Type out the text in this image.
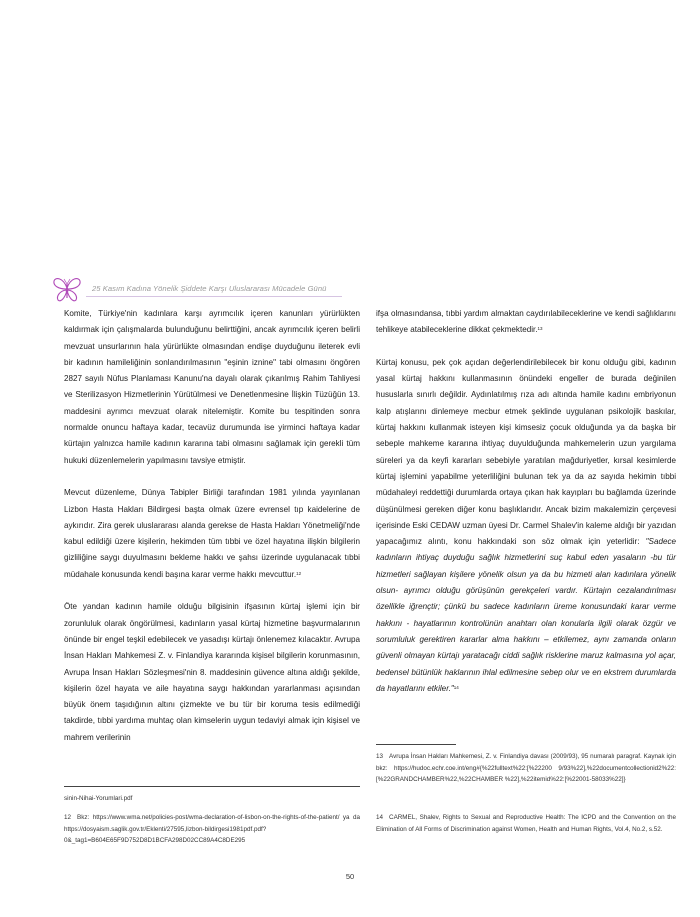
25 Kasım Kadına Yönelik Şiddete Karşı Uluslararası Mücadele Günü

Komite, Türkiye'nin kadınlara karşı ayrımcılık içeren kanunları yürürlükten kaldırmak için çalışmalarda bulunduğunu belirttiğini, ancak ayrımcılık içeren belirli mevzuat unsurlarının hala yürürlükte olmasından endişe duyduğunu ileterek evli bir kadının hamileliğinin sonlandırılmasının "eşinin iznine" tabi olmasını öngören 2827 sayılı Nüfus Planlaması Kanunu'na dayalı olarak çıkarılmış Rahim Tahliyesi ve Sterilizasyon Hizmetlerinin Yürütülmesi ve Denetlenmesine İlişkin Tüzüğün 13. maddesini ayrımcı mevzuat olarak nitelemiştir. Komite bu tespitinden sonra normalde onuncu haftaya kadar, tecavüz durumunda ise yirminci haftaya kadar kürtajın yalnızca hamile kadının kararına tabi olmasını sağlamak için gerekli tüm hukuki düzenlemelerin yapılmasını tavsiye etmiştir.

Mevcut düzenleme, Dünya Tabipler Birliği tarafından 1981 yılında yayınlanan Lizbon Hasta Hakları Bildirgesi başta olmak üzere evrensel tıp kaidelerine de aykırıdır. Zira gerek uluslararası alanda gerekse de Hasta Hakları Yönetmeliği'nde kabul edildiği üzere kişilerin, hekimden tüm tıbbi ve özel hayatına ilişkin bilgilerin gizliliğine saygı duyulmasını bekleme hakkı ve şahsı üzerinde uygulanacak tıbbi müdahale konusunda kendi başına karar verme hakkı mevcuttur.$^{12}$

Öte yandan kadının hamile olduğu bilgisinin ifşasının kürtaj işlemi için bir zorunluluk olarak öngörülmesi, kadınların yasal kürtaj hizmetine başvurmalarının önünde bir engel teşkil edebilecek ve yasadışı kürtajı önlenemez kılacaktır. Avrupa İnsan Hakları Mahkemesi Z. v. Finlandiya kararında kişisel bilgilerin korunmasının, Avrupa İnsan Hakları Sözleşmesi'nin 8. maddesinin güvence altına aldığı şekilde, kişilerin özel hayata ve aile hayatına saygı hakkından yararlanması açısından büyük önem taşıdığının altını çizmekte ve bu tür bir koruma tesis edilmediği takdirde, tıbbi yardıma muhtaç olan kimselerin uygun tedaviyi almak için kişisel ve mahrem verilerinin

ifşa olmasındansa, tıbbi yardım almaktan caydırılabileceklerine ve kendi sağlıklarını tehlikeye atabileceklerine dikkat çekmektedir.$^{13}$

Kürtaj konusu, pek çok açıdan değerlendirilebilecek bir konu olduğu gibi, kadının yasal kürtaj hakkını kullanmasının önündeki engeller de burada değinilen hususlarla sınırlı değildir. Aydınlatılmış rıza adı altında hamile kadını embriyonun kalp atışlarını dinlemeye mecbur etmek şeklinde uygulanan psikolojik baskılar, kürtaj hakkını kullanmak isteyen kişi kimsesiz çocuk olduğunda ya da başka bir sebeple mahkeme kararına ihtiyaç duyulduğunda mahkemelerin uzun yargılama süreleri ya da keyfi kararları sebebiyle yaratılan mağduriyetler, kırsal kesimlerde kürtaj işlemini yapabilme yeterliliğini bulunan tek ya da az sayıda hekimin tıbbi müdahaleyi reddettiği durumlarda ortaya çıkan hak kayıpları bu bağlamda üzerinde düşünülmesi gereken diğer konu başlıklarıdır. Ancak bizim makalemizin çerçevesi içerisinde Eski CEDAW uzman üyesi Dr. Carmel Shalev'in kaleme aldığı bir yazıdan yapacağımız alıntı, konu hakkındaki son söz olmak için yeterlidir: "Sadece kadınların ihtiyaç duyduğu sağlık hizmetlerini suç kabul eden yasaların -bu tür hizmetleri sağlayan kişilere yönelik olsun ya da bu hizmeti alan kadınlara yönelik olsun- ayrımcı olduğu görüşünün gerekçeleri vardır. Kürtajın cezalandırılması özellikle iğrençtir; çünkü bu sadece kadınların üreme konusundaki karar verme hakkını - hayatlarının kontrolünün anahtarı olan konularla ilgili olarak özgür ve sorumluluk gerektiren kararlar alma hakkını – etkilemez, aynı zamanda onların güvenli olmayan kürtajı yaratacağı ciddi sağlık risklerine maruz kalmasına yol açar, bedensel bütünlük haklarının ihlal edilmesine sebep olur ve en ekstrem durumlarda da hayatlarını etkiler."$^{14}$

sinin-Nihai-Yorumlari.pdf
12 Bkz: https://www.wma.net/policies-post/wma-declaration-of-lisbon-on-the-rights-of-the-patient/ ya da https://dosyaism.saglik.gov.tr/Eklenti/27595,lizbon-bildirgesi1981pdf.pdf?0&_tag1=B604E65F9D752D8D1BCFA298D02CC89A4C8DE295
13 Avrupa İnsan Hakları Mahkemesi, Z. v. Finlandiya davası (2009/93), 95 numaralı paragraf. Kaynak için bkz: https://hudoc.echr.coe.int/eng#{%22fulltext%22:[%22200 9/93%22],%22documentcollectionid2%22:[%22GRANDCHAMBER%22,%22CHAMBER %22],%22itemid%22:[%22001-58033%22]}
14 CARMEL, Shalev, Rights to Sexual and Reproductive Health: The ICPD and the Convention on the Elimination of All Forms of Discrimination against Women, Health and Human Rights, Vol.4, No.2, s.52.
50
